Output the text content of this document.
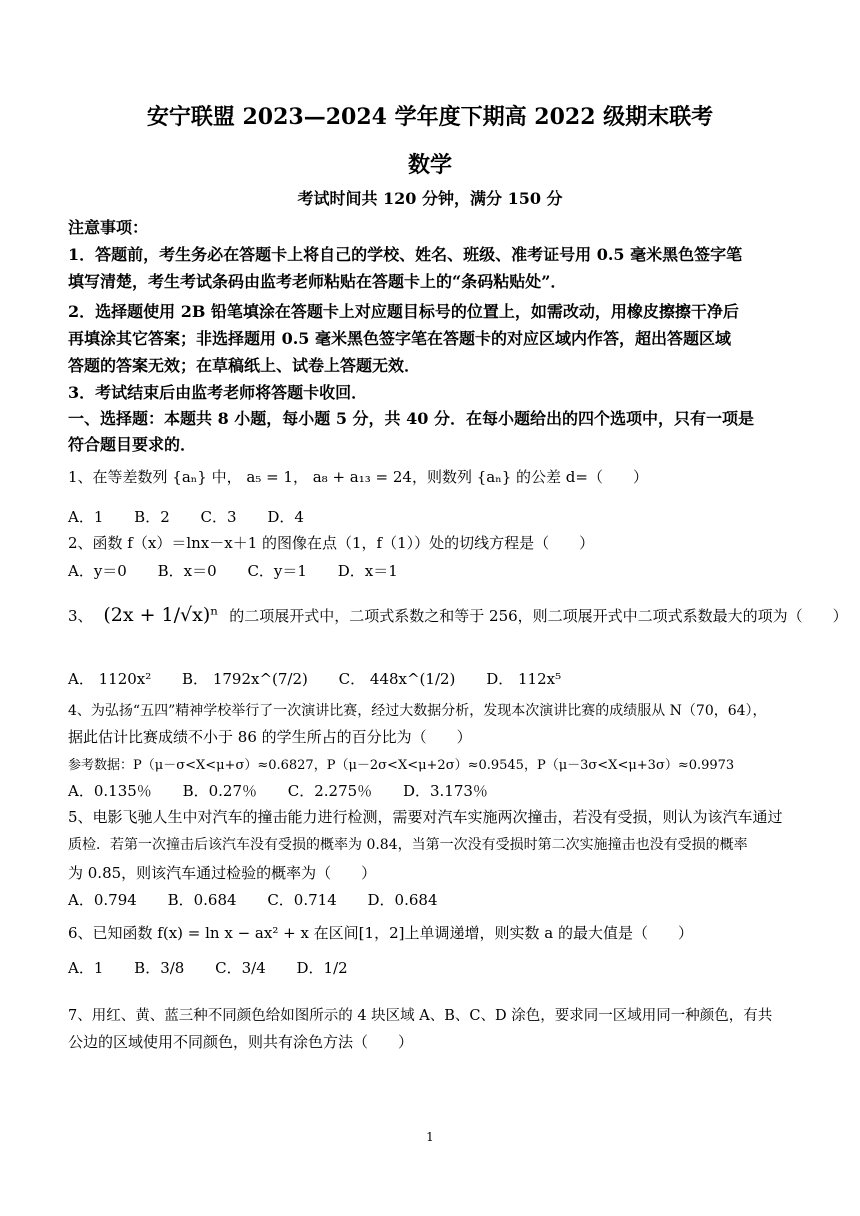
安宁联盟 2023—2024 学年度下期高 2022 级期末联考
数学
考试时间共 120 分钟，满分 150 分
注意事项：
1．答题前，考生务必在答题卡上将自己的学校、姓名、班级、准考证号用 0.5 毫米黑色签字笔
填写清楚，考生考试条码由监考老师粘贴在答题卡上的“条码粘贴处”．
2．选择题使用 2B 铅笔填涂在答题卡上对应题目标号的位置上，如需改动，用橡皮擦擦干净后
再填涂其它答案；非选择题用 0.5 毫米黑色签字笔在答题卡的对应区域内作答，超出答题区域
答题的答案无效；在草稿纸上、试卷上答题无效．
3．考试结束后由监考老师将答题卡收回．
一、选择题：本题共 8 小题，每小题 5 分，共 40 分．在每小题给出的四个选项中，只有一项是
符合题目要求的．
1、在等差数列 {aₙ} 中， a₅ = 1， a₈ + a₁₃ = 24，则数列 {aₙ} 的公差 d=（　　）
A．1 B．2 C．3 D．4
2、函数 f（x）＝lnx－x＋1 的图像在点（1，f（1））处的切线方程是（　　）
A．y＝0 B．x＝0 C．y＝1 D．x＝1
3、 (2x + 1/√x)ⁿ 的二项展开式中，二项式系数之和等于 256，则二项展开式中二项式系数最大的项为（　　）
A． 1120x² B． 1792x^(7/2) C． 448x^(1/2) D． 112x⁵
4、为弘扬“五四”精神学校举行了一次演讲比赛，经过大数据分析，发现本次演讲比赛的成绩服从 N（70，64），
据此估计比赛成绩不小于 86 的学生所占的百分比为（　　）
参考数据：P（μ－σ<X<μ+σ）≈0.6827，P（μ－2σ<X<μ+2σ）≈0.9545，P（μ－3σ<X<μ+3σ）≈0.9973
A．0.135％ B．0.27％ C．2.275％ D．3.173％
5、电影飞驰人生中对汽车的撞击能力进行检测，需要对汽车实施两次撞击，若没有受损，则认为该汽车通过
质检．若第一次撞击后该汽车没有受损的概率为 0.84，当第一次没有受损时第二次实施撞击也没有受损的概率
为 0.85，则该汽车通过检验的概率为（　　）
A．0.794 B．0.684 C．0.714 D．0.684
6、已知函数 f(x) = ln x − ax² + x 在区间[1，2]上单调递增，则实数 a 的最大值是（　　）
A．1 B．3/8 C．3/4 D．1/2
7、用红、黄、蓝三种不同颜色给如图所示的 4 块区域 A、B、C、D 涂色，要求同一区域用同一种颜色，有共
公边的区域使用不同颜色，则共有涂色方法（　　）
1
